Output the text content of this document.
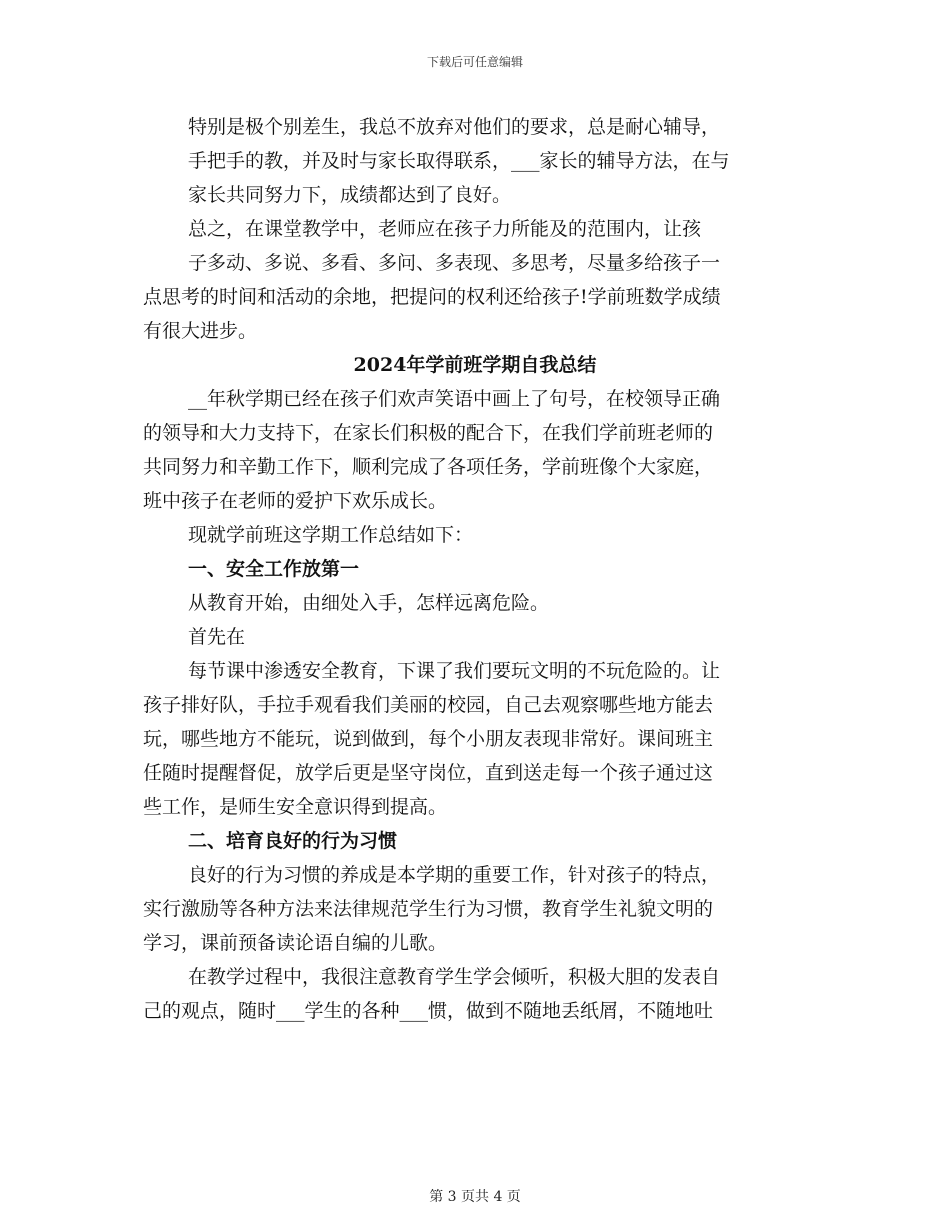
下载后可任意编辑
特别是极个别差生，我总不放弃对他们的要求，总是耐心辅导，
手把手的教，并及时与家长取得联系，___家长的辅导方法，在与
家长共同努力下，成绩都达到了良好。
总之，在课堂教学中，老师应在孩子力所能及的范围内，让孩
子多动、多说、多看、多问、多表现、多思考，尽量多给孩子一
点思考的时间和活动的余地，把提问的权利还给孩子!学前班数学成绩
有很大进步。
2024年学前班学期自我总结
__年秋学期已经在孩子们欢声笑语中画上了句号，在校领导正确
的领导和大力支持下，在家长们积极的配合下，在我们学前班老师的
共同努力和辛勤工作下，顺利完成了各项任务，学前班像个大家庭，
班中孩子在老师的爱护下欢乐成长。
现就学前班这学期工作总结如下：
一、安全工作放第一
从教育开始，由细处入手，怎样远离危险。
首先在
每节课中渗透安全教育，下课了我们要玩文明的不玩危险的。让
孩子排好队，手拉手观看我们美丽的校园，自己去观察哪些地方能去
玩，哪些地方不能玩，说到做到，每个小朋友表现非常好。课间班主
任随时提醒督促，放学后更是坚守岗位，直到送走每一个孩子通过这
些工作，是师生安全意识得到提高。
二、培育良好的行为习惯
良好的行为习惯的养成是本学期的重要工作，针对孩子的特点，
实行激励等各种方法来法律规范学生行为习惯，教育学生礼貌文明的
学习，课前预备读论语自编的儿歌。
在教学过程中，我很注意教育学生学会倾听，积极大胆的发表自
己的观点，随时___学生的各种___惯，做到不随地丢纸屑，不随地吐
第 3 页共 4 页
